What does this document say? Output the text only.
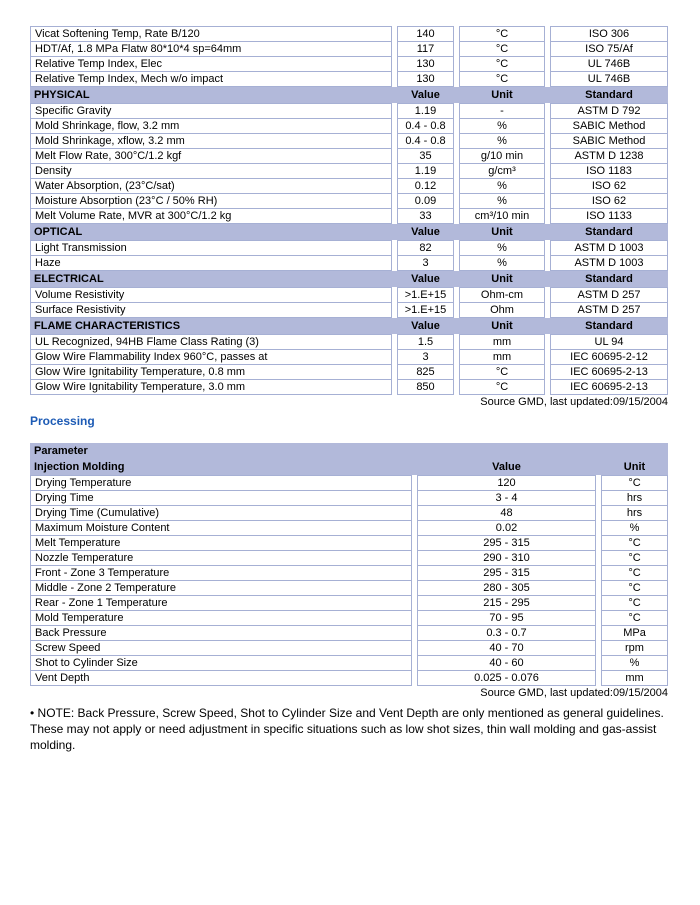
Vicat Softening Temp, Rate B/120	140	°C	ISO 306
HDT/Af, 1.8 MPa Flatw 80*10*4 sp=64mm	117	°C	ISO 75/Af
Relative Temp Index, Elec	130	°C	UL 746B
Relative Temp Index, Mech w/o impact	130	°C	UL 746B
PHYSICAL	Value	Unit	Standard
Specific Gravity	1.19	-	ASTM D 792
Mold Shrinkage, flow, 3.2 mm	0.4 - 0.8	%	SABIC Method
Mold Shrinkage, xflow, 3.2 mm	0.4 - 0.8	%	SABIC Method
Melt Flow Rate, 300°C/1.2 kgf	35	g/10 min	ASTM D 1238
Density	1.19	g/cm³	ISO 1183
Water Absorption, (23°C/sat)	0.12	%	ISO 62
Moisture Absorption (23°C / 50% RH)	0.09	%	ISO 62
Melt Volume Rate, MVR at 300°C/1.2 kg	33	cm³/10 min	ISO 1133
OPTICAL	Value	Unit	Standard
Light Transmission	82	%	ASTM D 1003
Haze	3	%	ASTM D 1003
ELECTRICAL	Value	Unit	Standard
Volume Resistivity	>1.E+15	Ohm-cm	ASTM D 257
Surface Resistivity	>1.E+15	Ohm	ASTM D 257
FLAME CHARACTERISTICS	Value	Unit	Standard
UL Recognized, 94HB Flame Class Rating (3)	1.5	mm	UL 94
Glow Wire Flammability Index 960°C, passes at	3	mm	IEC 60695-2-12
Glow Wire Ignitability Temperature, 0.8 mm	825	°C	IEC 60695-2-13
Glow Wire Ignitability Temperature, 3.0 mm	850	°C	IEC 60695-2-13
Source GMD, last updated:09/15/2004
Processing
Parameter
Injection Molding	Value	Unit
Drying Temperature	120	°C
Drying Time	3 - 4	hrs
Drying Time (Cumulative)	48	hrs
Maximum Moisture Content	0.02	%
Melt Temperature	295 - 315	°C
Nozzle Temperature	290 - 310	°C
Front - Zone 3 Temperature	295 - 315	°C
Middle - Zone 2 Temperature	280 - 305	°C
Rear - Zone 1 Temperature	215 - 295	°C
Mold Temperature	70 - 95	°C
Back Pressure	0.3 - 0.7	MPa
Screw Speed	40 - 70	rpm
Shot to Cylinder Size	40 - 60	%
Vent Depth	0.025 - 0.076	mm
Source GMD, last updated:09/15/2004
• NOTE: Back Pressure, Screw Speed, Shot to Cylinder Size and Vent Depth are only mentioned as general guidelines. These may not apply or need adjustment in specific situations such as low shot sizes, thin wall molding and gas-assist molding.
